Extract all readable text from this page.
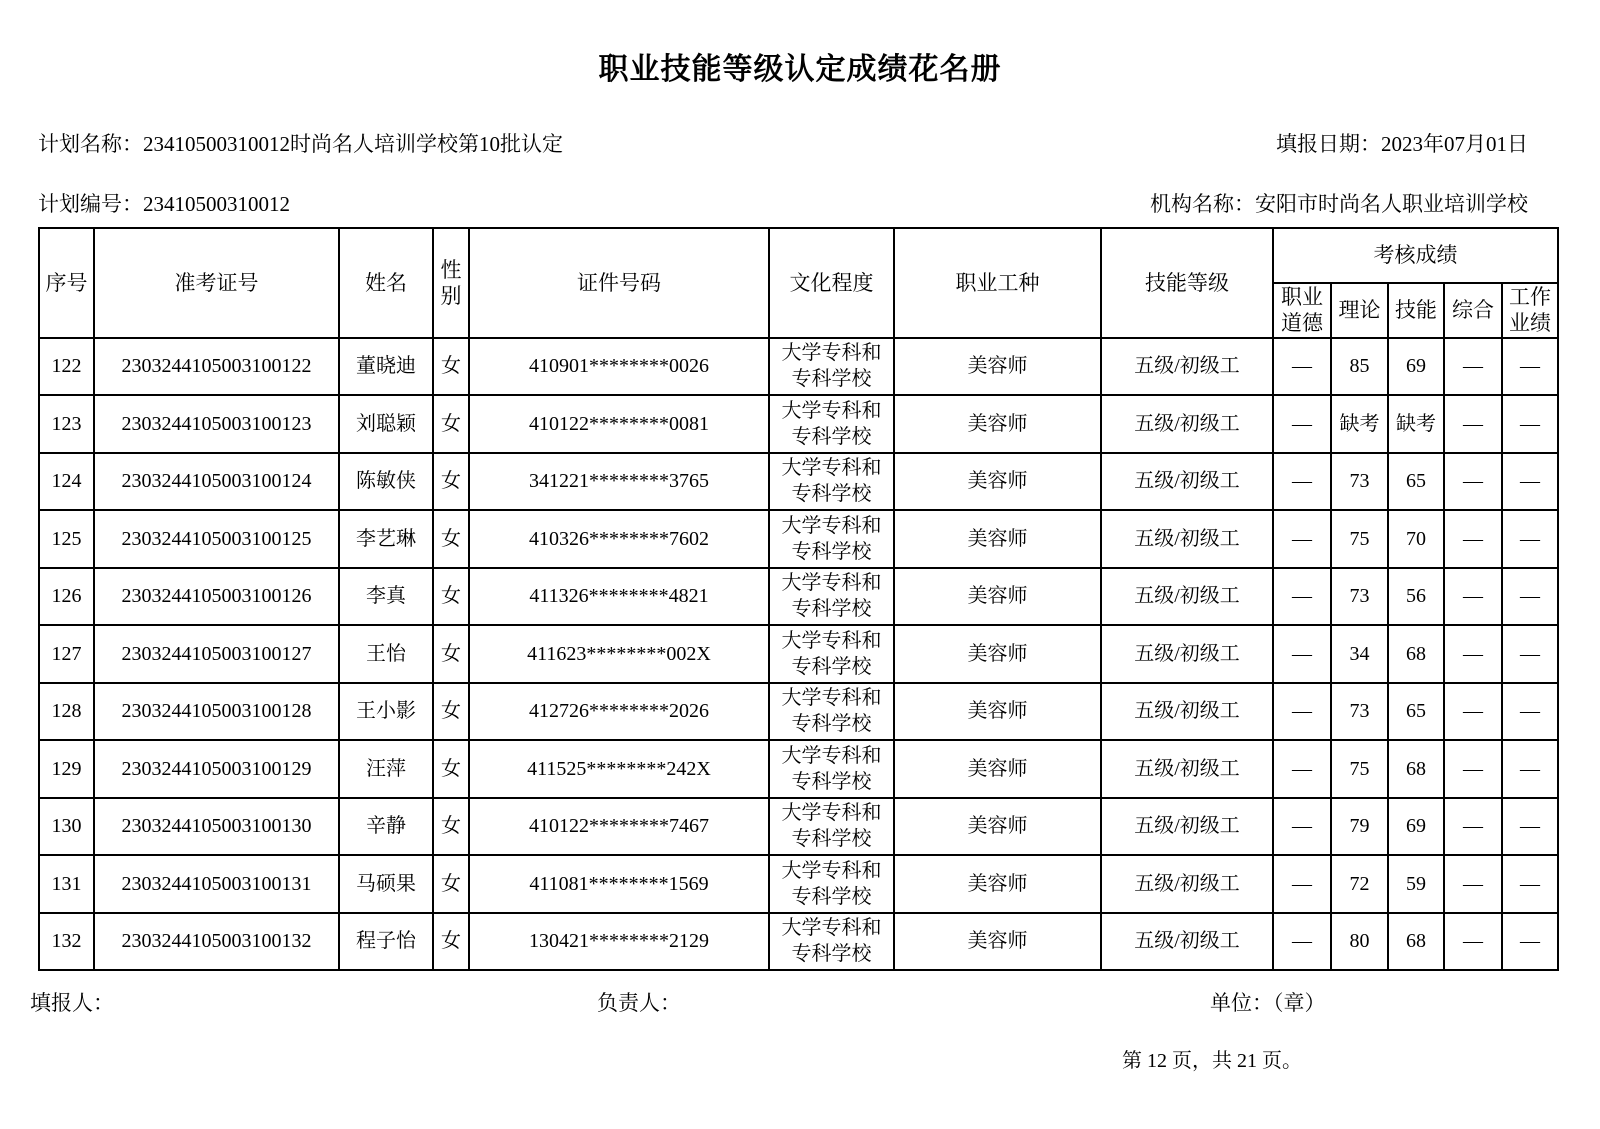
职业技能等级认定成绩花名册
计划名称：23410500310012时尚名人培训学校第10批认定	填报日期：2023年07月01日
计划编号：23410500310012	机构名称：安阳市时尚名人职业培训学校
序号	准考证号	姓名	性别	证件号码	文化程度	职业工种	技能等级	考核成绩				
								职业道德	理论	技能	综合	工作业绩
122	2303244105003100122	董晓迪	女	410901********0026	大学专科和专科学校	美容师	五级/初级工	—	85	69	—	—
123	2303244105003100123	刘聪颖	女	410122********0081	大学专科和专科学校	美容师	五级/初级工	—	缺考	缺考	—	—
124	2303244105003100124	陈敏侠	女	341221********3765	大学专科和专科学校	美容师	五级/初级工	—	73	65	—	—
125	2303244105003100125	李艺琳	女	410326********7602	大学专科和专科学校	美容师	五级/初级工	—	75	70	—	—
126	2303244105003100126	李真	女	411326********4821	大学专科和专科学校	美容师	五级/初级工	—	73	56	—	—
127	2303244105003100127	王怡	女	411623********002X	大学专科和专科学校	美容师	五级/初级工	—	34	68	—	—
128	2303244105003100128	王小影	女	412726********2026	大学专科和专科学校	美容师	五级/初级工	—	73	65	—	—
129	2303244105003100129	汪萍	女	411525********242X	大学专科和专科学校	美容师	五级/初级工	—	75	68	—	—
130	2303244105003100130	辛静	女	410122********7467	大学专科和专科学校	美容师	五级/初级工	—	79	69	—	—
131	2303244105003100131	马硕果	女	411081********1569	大学专科和专科学校	美容师	五级/初级工	—	72	59	—	—
132	2303244105003100132	程子怡	女	130421********2129	大学专科和专科学校	美容师	五级/初级工	—	80	68	—	—
填报人：	负责人：	单位：（章）
第 12 页，共 21 页。
